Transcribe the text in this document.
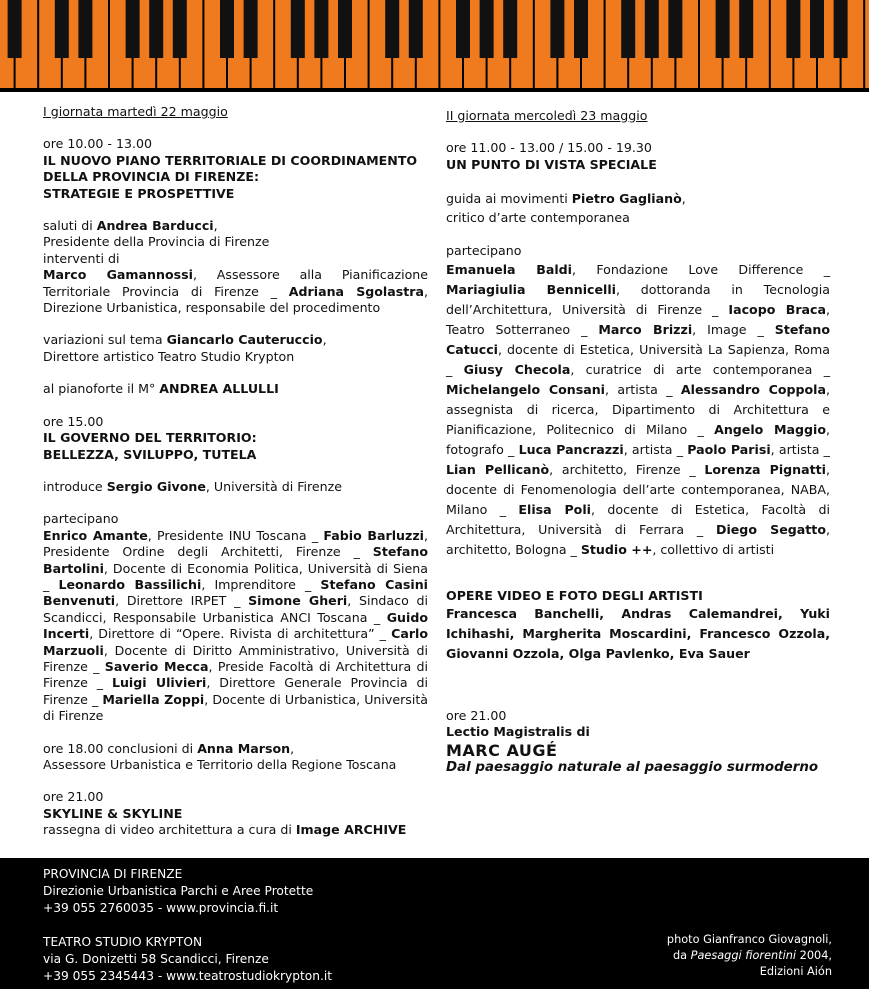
I giornata martedì 22 maggio

ore 10.00 - 13.00

IL NUOVO PIANO TERRITORIALE DI COORDINAMENTO
DELLA PROVINCIA DI FIRENZE:
STRATEGIE E PROSPETTIVE

saluti di Andrea Barducci,
Presidente della Provincia di Firenze
interventi di

Marco Gamannossi, Assessore alla Pianificazione Territoriale Provincia di Firenze _ Adriana Sgolastra, Direzione Urbanistica, responsabile del procedimento

variazioni sul tema Giancarlo Cauteruccio,
Direttore artistico Teatro Studio Krypton

al pianoforte il M° ANDREA ALLULLI

ore 15.00

IL GOVERNO DEL TERRITORIO:
BELLEZZA, SVILUPPO, TUTELA

introduce Sergio Givone, Università di Firenze

partecipano

Enrico Amante, Presidente INU Toscana _ Fabio Barluzzi, Presidente Ordine degli Architetti, Firenze _ Stefano Bartolini, Docente di Economia Politica, Università di Siena _ Leonardo Bassilichi, Imprenditore _ Stefano Casini Benvenuti, Direttore IRPET _ Simone Gheri, Sindaco di Scandicci, Responsabile Urbanistica ANCI Toscana _ Guido Incerti, Direttore di “Opere. Rivista di architettura” _ Carlo Marzuoli, Docente di Diritto Amministrativo, Università di Firenze _ Saverio Mecca, Preside Facoltà di Architettura di Firenze _ Luigi Ulivieri, Direttore Generale Provincia di Firenze _ Mariella Zoppi, Docente di Urbanistica, Università di Firenze

ore 18.00 conclusioni di Anna Marson,
Assessore Urbanistica e Territorio della Regione Toscana

ore 21.00

SKYLINE & SKYLINE

rassegna di video architettura a cura di Image ARCHIVE

II giornata mercoledì 23 maggio

ore 11.00 - 13.00 / 15.00 - 19.30

UN PUNTO DI VISTA SPECIALE

guida ai movimenti Pietro Gaglianò,
critico d’arte contemporanea

partecipano

Emanuela Baldi, Fondazione Love Difference _ Mariagiulia Bennicelli, dottoranda in Tecnologia dell’Architettura, Università di Firenze _ Iacopo Braca, Teatro Sotterraneo _ Marco Brizzi, Image _ Stefano Catucci, docente di Estetica, Università La Sapienza, Roma _ Giusy Checola, curatrice di arte contemporanea _ Michelangelo Consani, artista _ Alessandro Coppola, assegnista di ricerca, Dipartimento di Architettura e Pianificazione, Politecnico di Milano _ Angelo Maggio, fotografo _ Luca Pancrazzi, artista _ Paolo Parisi, artista _ Lian Pellicanò, architetto, Firenze _ Lorenza Pignatti, docente di Fenomenologia dell’arte contemporanea, NABA, Milano _ Elisa Poli, docente di Estetica, Facoltà di Architettura, Università di Ferrara _ Diego Segatto, architetto, Bologna _ Studio ++, collettivo di artisti

OPERE VIDEO E FOTO DEGLI ARTISTI

Francesca Banchelli, Andras Calemandrei, Yuki Ichihashi, Margherita Moscardini, Francesco Ozzola, Giovanni Ozzola, Olga Pavlenko, Eva Sauer

ore 21.00

Lectio Magistralis di

MARC AUGÉ

Dal paesaggio naturale al paesaggio surmoderno

PROVINCIA DI FIRENZE

Direzionie Urbanistica Parchi e Aree Protette

+39 055 2760035 - www.provincia.fi.it

TEATRO STUDIO KRYPTON

via G. Donizetti 58 Scandicci, Firenze

+39 055 2345443 - www.teatrostudiokrypton.it

photo Gianfranco Giovagnoli,

da Paesaggi fiorentini 2004,

Edizioni Aión
